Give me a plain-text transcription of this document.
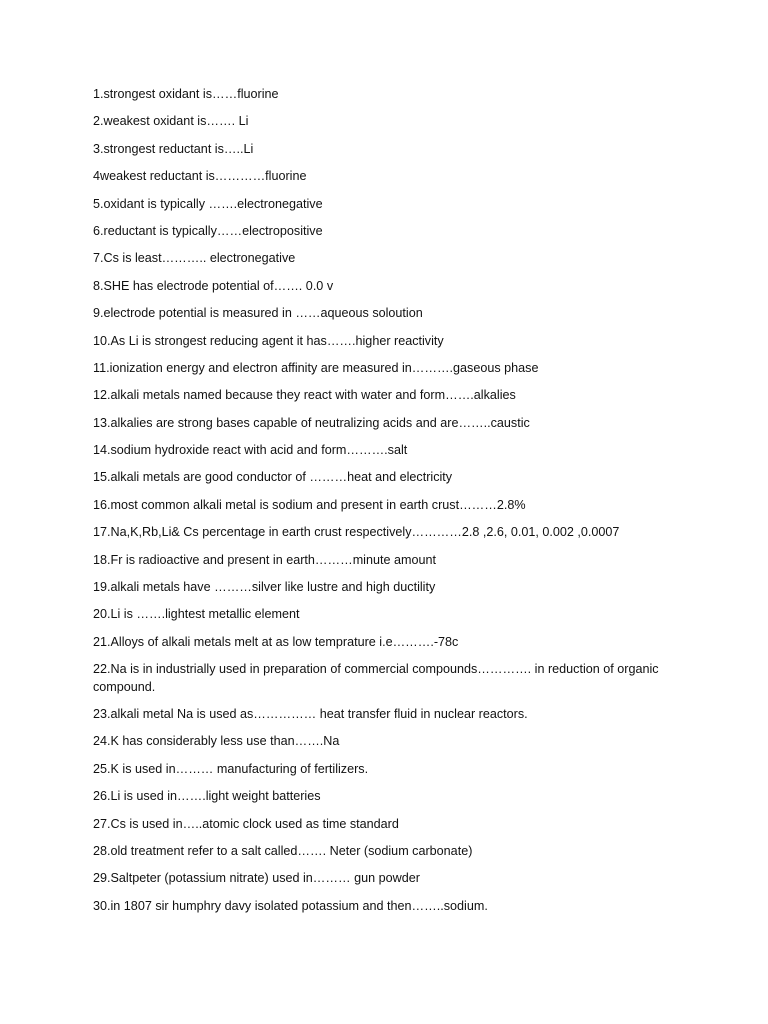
1.strongest oxidant is……fluorine
2.weakest oxidant is……. Li
3.strongest reductant is…..Li
4weakest reductant is…………fluorine
5.oxidant is typically …….electronegative
6.reductant is typically……electropositive
7.Cs is least……….. electronegative
8.SHE has electrode potential of……. 0.0 v
9.electrode potential is measured in ……aqueous soloution
10.As Li is strongest reducing agent it has…….higher reactivity
11.ionization energy and electron affinity are measured in……….gaseous phase
12.alkali metals named because they react with water and form…….alkalies
13.alkalies are strong bases capable of neutralizing acids and are……..caustic
14.sodium hydroxide react with acid and form……….salt
15.alkali metals are good conductor of ………heat and electricity
16.most common alkali metal is sodium and present in earth crust………2.8%
17.Na,K,Rb,Li& Cs percentage in earth crust respectively…………2.8 ,2.6, 0.01, 0.002 ,0.0007
18.Fr is radioactive and present in earth………minute amount
19.alkali metals have ………silver like lustre and high ductility
20.Li is …….lightest metallic element
21.Alloys of alkali metals melt at as low temprature i.e……….-78c
22.Na is in industrially used in preparation of commercial compounds…………. in reduction of organic compound.
23.alkali metal Na is used as…………… heat transfer fluid in nuclear reactors.
24.K has considerably less use than…….Na
25.K is used in……… manufacturing of fertilizers.
26.Li is used in…….light weight batteries
27.Cs is used in…..atomic clock used as time standard
28.old treatment refer to a salt called……. Neter (sodium carbonate)
29.Saltpeter (potassium nitrate) used in……… gun powder
30.in 1807 sir humphry davy isolated potassium and then……..sodium.
